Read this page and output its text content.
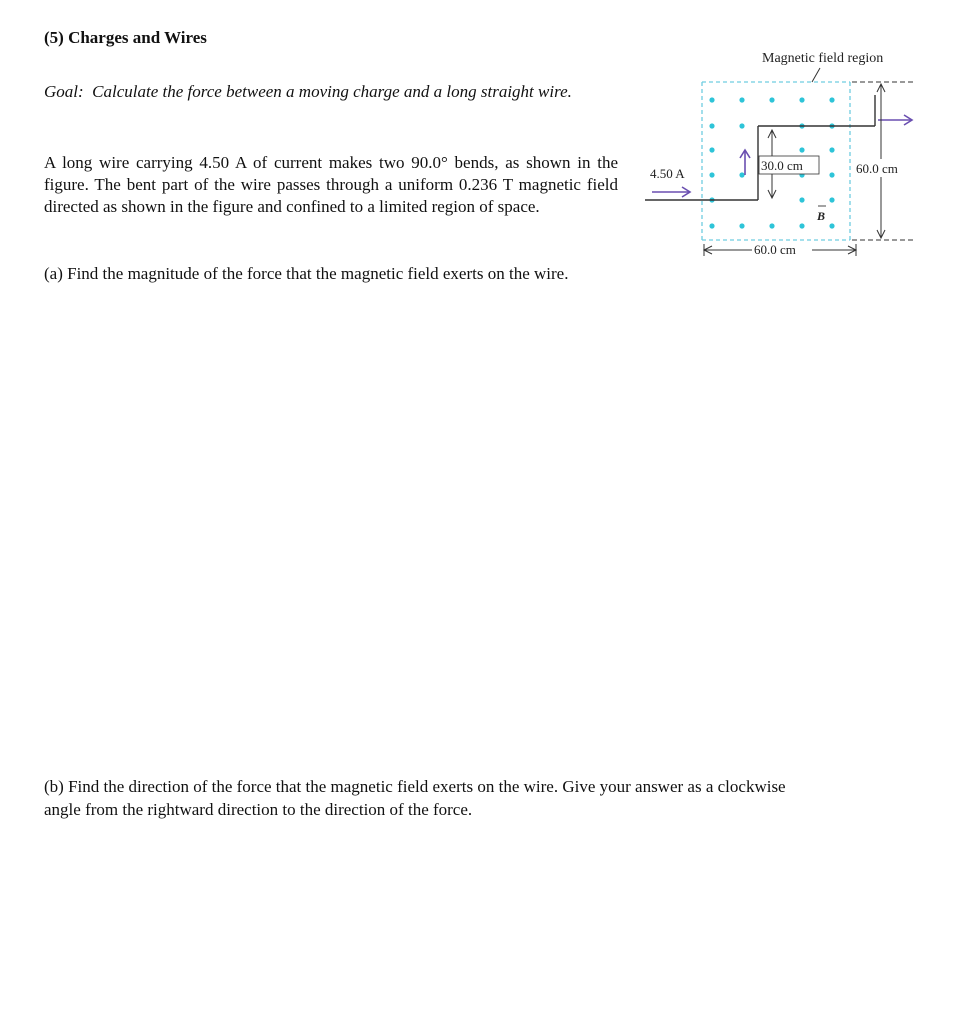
(5) Charges and Wires

Goal: Calculate the force between a moving charge and a long straight wire.

A long wire carrying 4.50 A of current makes two 90.0° bends, as shown in the figure. The bent part of the wire passes through a uniform 0.236 T magnetic field directed as shown in the figure and confined to a limited region of space.

(a) Find the magnitude of the force that the magnetic field exerts on the wire.

(b) Find the direction of the force that the magnetic field exerts on the wire. Give your answer as a clockwise angle from the rightward direction to the direction of the force.

Magnetic field region
4.50 A
30.0 cm	60.0 cm
60.0 cm
B
